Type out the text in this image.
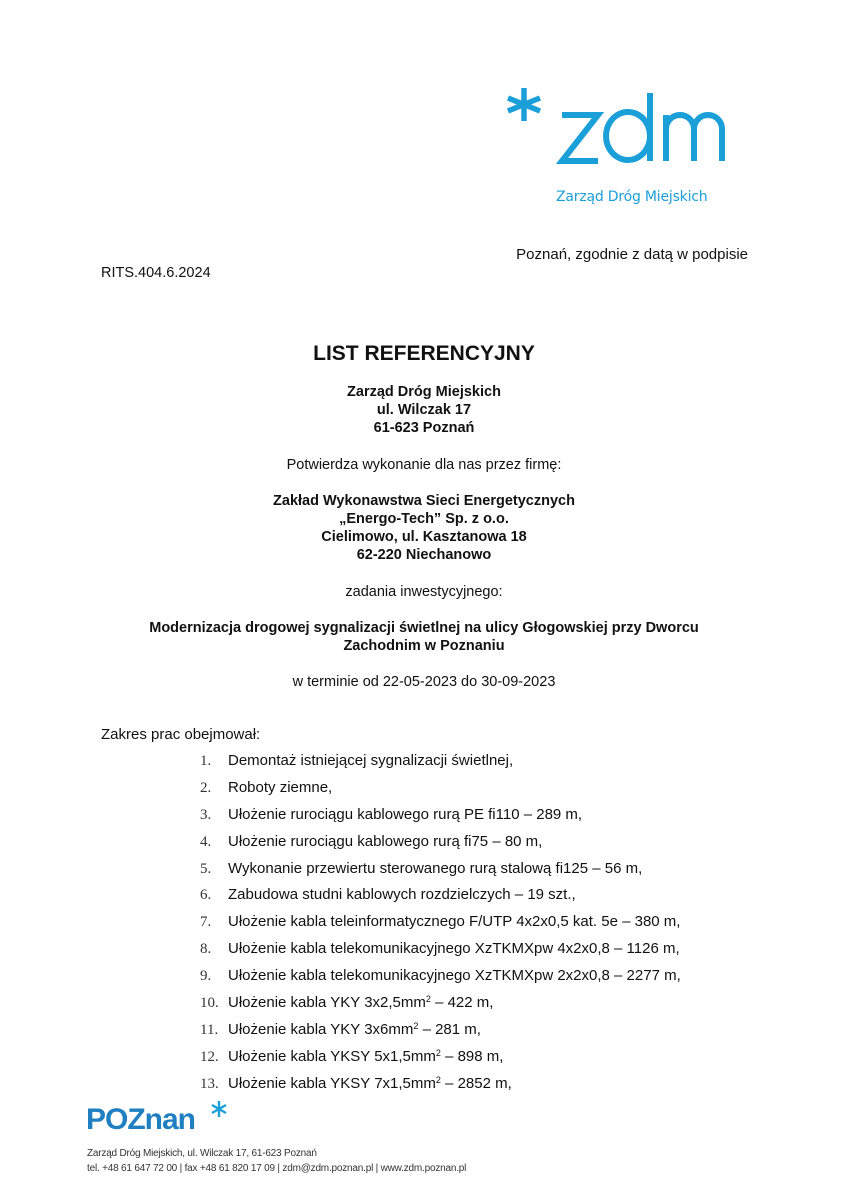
Zarząd Dróg Miejskich
Poznań, zgodnie z datą w podpisie
RITS.404.6.2024
LIST REFERENCYJNY
Zarząd Dróg Miejskich
ul. Wilczak 17
61-623 Poznań
Potwierdza wykonanie dla nas przez firmę:
Zakład Wykonawstwa Sieci Energetycznych
„Energo-Tech” Sp. z o.o.
Cielimowo, ul. Kasztanowa 18
62-220 Niechanowo
zadania inwestycyjnego:
Modernizacja drogowej sygnalizacji świetlnej na ulicy Głogowskiej przy Dworcu
Zachodnim w Poznaniu
w terminie od 22-05-2023 do 30-09-2023
Zakres prac obejmował:
1. Demontaż istniejącej sygnalizacji świetlnej,
2. Roboty ziemne,
3. Ułożenie rurociągu kablowego rurą PE fi110 – 289 m,
4. Ułożenie rurociągu kablowego rurą fi75 – 80 m,
5. Wykonanie przewiertu sterowanego rurą stalową fi125 – 56 m,
6. Zabudowa studni kablowych rozdzielczych – 19 szt.,
7. Ułożenie kabla teleinformatycznego F/UTP 4x2x0,5 kat. 5e – 380 m,
8. Ułożenie kabla telekomunikacyjnego XzTKMXpw 4x2x0,8 – 1126 m,
9. Ułożenie kabla telekomunikacyjnego XzTKMXpw 2x2x0,8 – 2277 m,
10. Ułożenie kabla YKY $3x2,5mm^2 - 422$ m,
11. Ułożenie kabla YKY $3x6mm^2 - 281$ m,
12. Ułożenie kabla YKSY $5x1,5mm^2 - 898$ m,
13. Ułożenie kabla YKSY $7x1,5mm^2 - 2852$ m,
POZnan
Zarząd Dróg Miejskich, ul. Wilczak 17, 61-623 Poznań
tel. +48 61 647 72 00 | fax +48 61 820 17 09 | zdm@zdm.poznan.pl | www.zdm.poznan.pl
